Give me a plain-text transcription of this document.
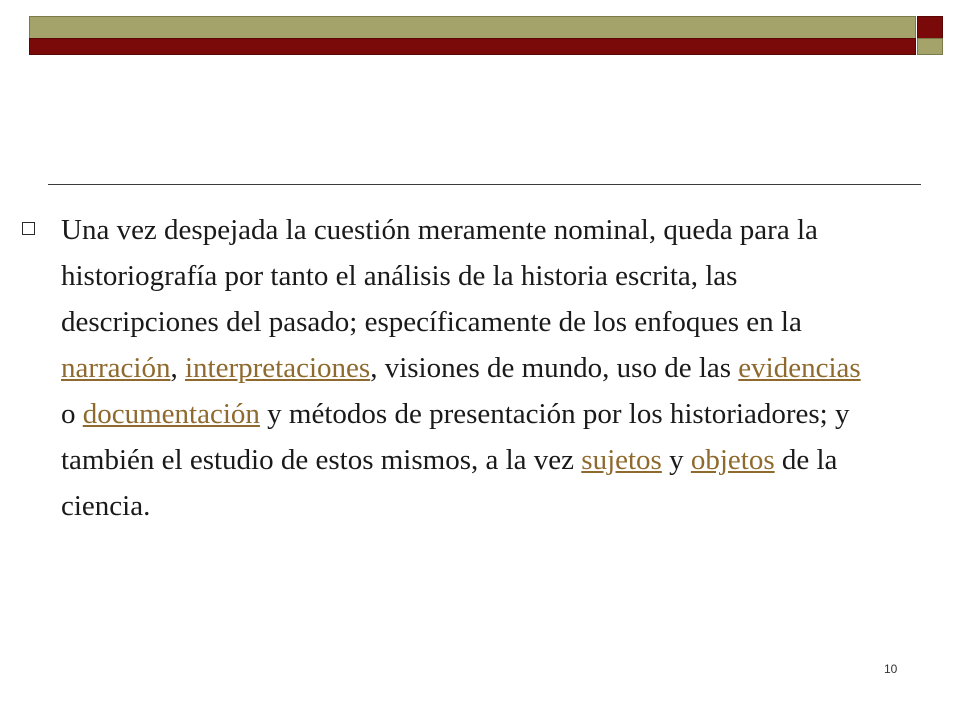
Una vez despejada la cuestión meramente nominal, queda para la historiografía por tanto el análisis de la historia escrita, las descripciones del pasado; específicamente de los enfoques en la narración, interpretaciones, visiones de mundo, uso de las evidencias o documentación y métodos de presentación por los historiadores; y también el estudio de estos mismos, a la vez sujetos y objetos de la ciencia.

10
